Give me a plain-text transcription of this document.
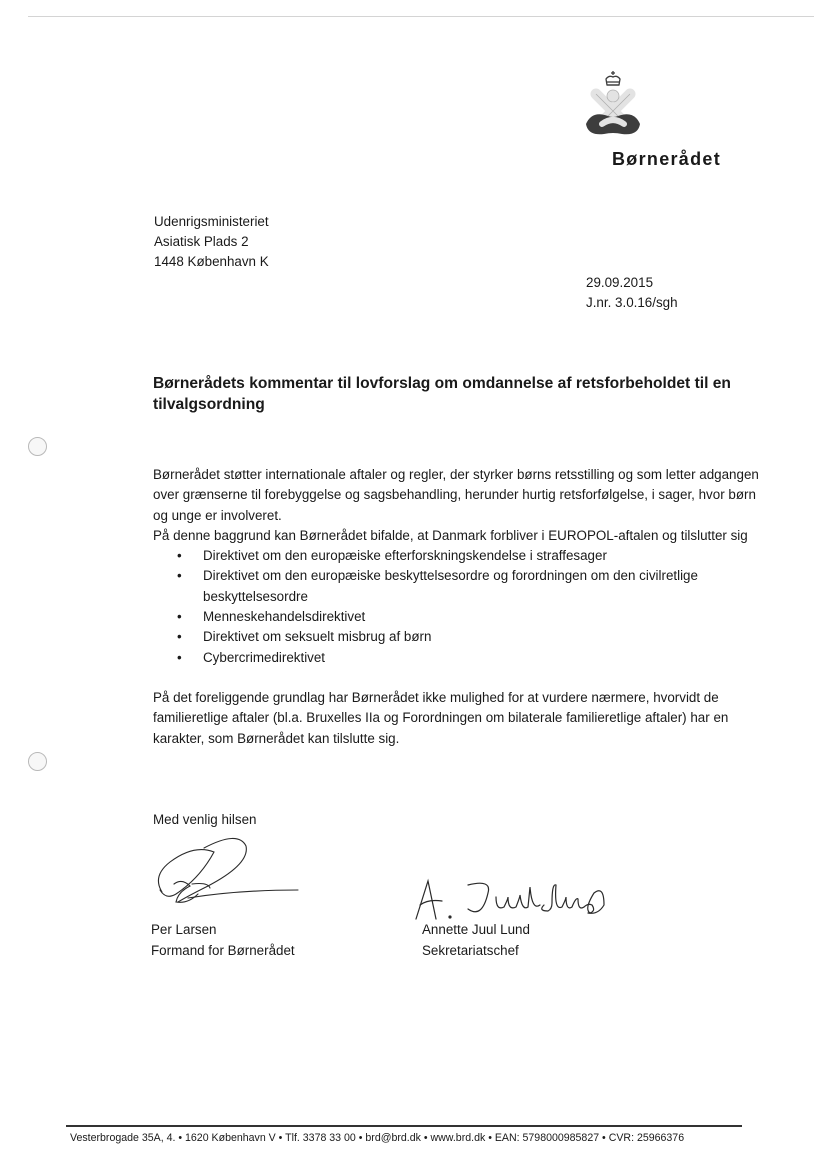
Børnerådet
Udenrigsministeriet
Asiatisk Plads 2
1448 København K
29.09.2015
J.nr. 3.0.16/sgh
Børnerådets kommentar til lovforslag om omdannelse af retsforbeholdet til en tilvalgsordning

Børnerådet støtter internationale aftaler og regler, der styrker børns retsstilling og som letter adgangen over grænserne til forebyggelse og sagsbehandling, herunder hurtig retsforfølgelse, i sager, hvor børn og unge er involveret.

På denne baggrund kan Børnerådet bifalde, at Danmark forbliver i EUROPOL-aftalen og tilslutter sig

• Direktivet om den europæiske efterforskningskendelse i straffesager
• Direktivet om den europæiske beskyttelsesordre og forordningen om den civilretlige beskyttelsesordre
• Menneskehandelsdirektivet
• Direktivet om seksuelt misbrug af børn
• Cybercrimedirektivet

På det foreliggende grundlag har Børnerådet ikke mulighed for at vurdere nærmere, hvorvidt de familieretlige aftaler (bl.a. Bruxelles IIa og Forordningen om bilaterale familieretlige aftaler) har en karakter, som Børnerådet kan tilslutte sig.

Med venlig hilsen
Per Larsen
Formand for Børnerådet
Annette Juul Lund
Sekretariatschef
Vesterbrogade 35A, 4. • 1620 København V • Tlf. 3378 33 00 • brd@brd.dk • www.brd.dk • EAN: 5798000985827 • CVR: 25966376
